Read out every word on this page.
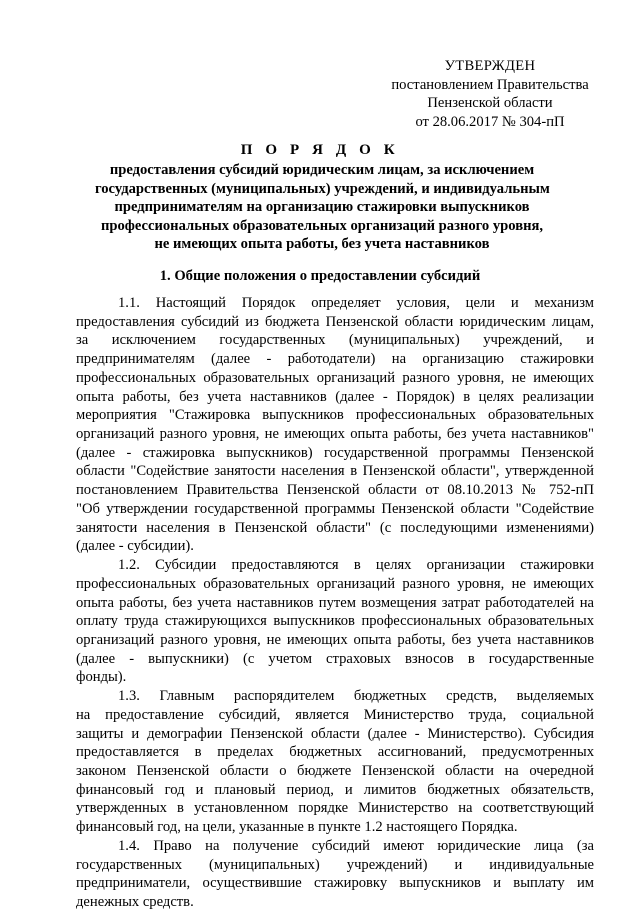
УТВЕРЖДЕН
постановлением Правительства
Пензенской области
от 28.06.2017 № 304-пП
П О Р Я Д О К
предоставления субсидий юридическим лицам, за исключением
государственных (муниципальных) учреждений, и индивидуальным
предпринимателям на организацию стажировки выпускников
профессиональных образовательных организаций разного уровня,
не имеющих опыта работы, без учета наставников
1. Общие положения о предоставлении субсидий
1.1. Настоящий Порядок определяет условия, цели и механизм
предоставления субсидий из бюджета Пензенской области юридическим лицам,
за исключением государственных (муниципальных) учреждений, и
предпринимателям (далее - работодатели) на организацию стажировки
профессиональных образовательных организаций разного уровня, не имеющих
опыта работы, без учета наставников (далее - Порядок) в целях реализации
мероприятия "Стажировка выпускников профессиональных образовательных
организаций разного уровня, не имеющих опыта работы, без учета наставников"
(далее - стажировка выпускников) государственной программы Пензенской
области "Содействие занятости населения в Пензенской области", утвержденной
постановлением Правительства Пензенской области от 08.10.2013 № 752-пП
"Об утверждении государственной программы Пензенской области "Содействие
занятости населения в Пензенской области" (с последующими изменениями)
(далее - субсидии).
1.2. Субсидии предоставляются в целях организации стажировки
профессиональных образовательных организаций разного уровня, не имеющих
опыта работы, без учета наставников путем возмещения затрат работодателей на
оплату труда стажирующихся выпускников профессиональных образовательных
организаций разного уровня, не имеющих опыта работы, без учета наставников
(далее - выпускники) (с учетом страховых взносов в государственные
фонды).
1.3. Главным распорядителем бюджетных средств, выделяемых
на предоставление субсидий, является Министерство труда, социальной
защиты и демографии Пензенской области (далее - Министерство). Субсидия
предоставляется в пределах бюджетных ассигнований, предусмотренных
законом Пензенской области о бюджете Пензенской области на очередной
финансовый год и плановый период, и лимитов бюджетных обязательств,
утвержденных в установленном порядке Министерство на соответствующий
финансовый год, на цели, указанные в пункте 1.2 настоящего Порядка.
1.4. Право на получение субсидий имеют юридические лица (за
государственных (муниципальных) учреждений) и индивидуальные
предприниматели, осуществившие стажировку выпускников и выплату им
денежных средств.
